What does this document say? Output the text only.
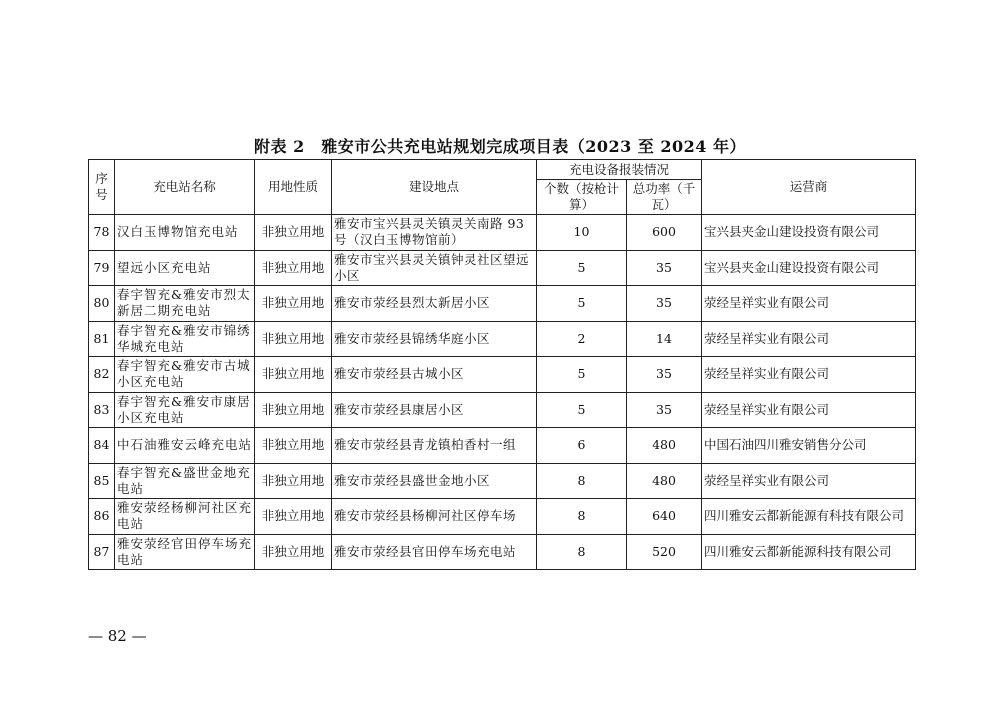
附表 2　雅安市公共充电站规划完成项目表（2023 至 2024 年）
序号	充电站名称	用地性质	建设地点	充电设备报装情况		运营商
				个数（按枪计算）	总功率（千瓦）	
78	汉白玉博物馆充电站	非独立用地	雅安市宝兴县灵关镇灵关南路 93 号（汉白玉博物馆前）	10	600	宝兴县夹金山建设投资有限公司
79	望远小区充电站	非独立用地	雅安市宝兴县灵关镇钟灵社区望远小区	5	35	宝兴县夹金山建设投资有限公司
80	春宇智充&雅安市烈太新居二期充电站	非独立用地	雅安市荥经县烈太新居小区	5	35	荥经呈祥实业有限公司
81	春宇智充&雅安市锦绣华城充电站	非独立用地	雅安市荥经县锦绣华庭小区	2	14	荥经呈祥实业有限公司
82	春宇智充&雅安市古城小区充电站	非独立用地	雅安市荥经县古城小区	5	35	荥经呈祥实业有限公司
83	春宇智充&雅安市康居小区充电站	非独立用地	雅安市荥经县康居小区	5	35	荥经呈祥实业有限公司
84	中石油雅安云峰充电站	非独立用地	雅安市荥经县青龙镇柏香村一组	6	480	中国石油四川雅安销售分公司
85	春宇智充&盛世金地充电站	非独立用地	雅安市荥经县盛世金地小区	8	480	荥经呈祥实业有限公司
86	雅安荥经杨柳河社区充电站	非独立用地	雅安市荥经县杨柳河社区停车场	8	640	四川雅安云都新能源有科技有限公司
87	雅安荥经官田停车场充电站	非独立用地	雅安市荥经县官田停车场充电站	8	520	四川雅安云都新能源科技有限公司
— 82 —
